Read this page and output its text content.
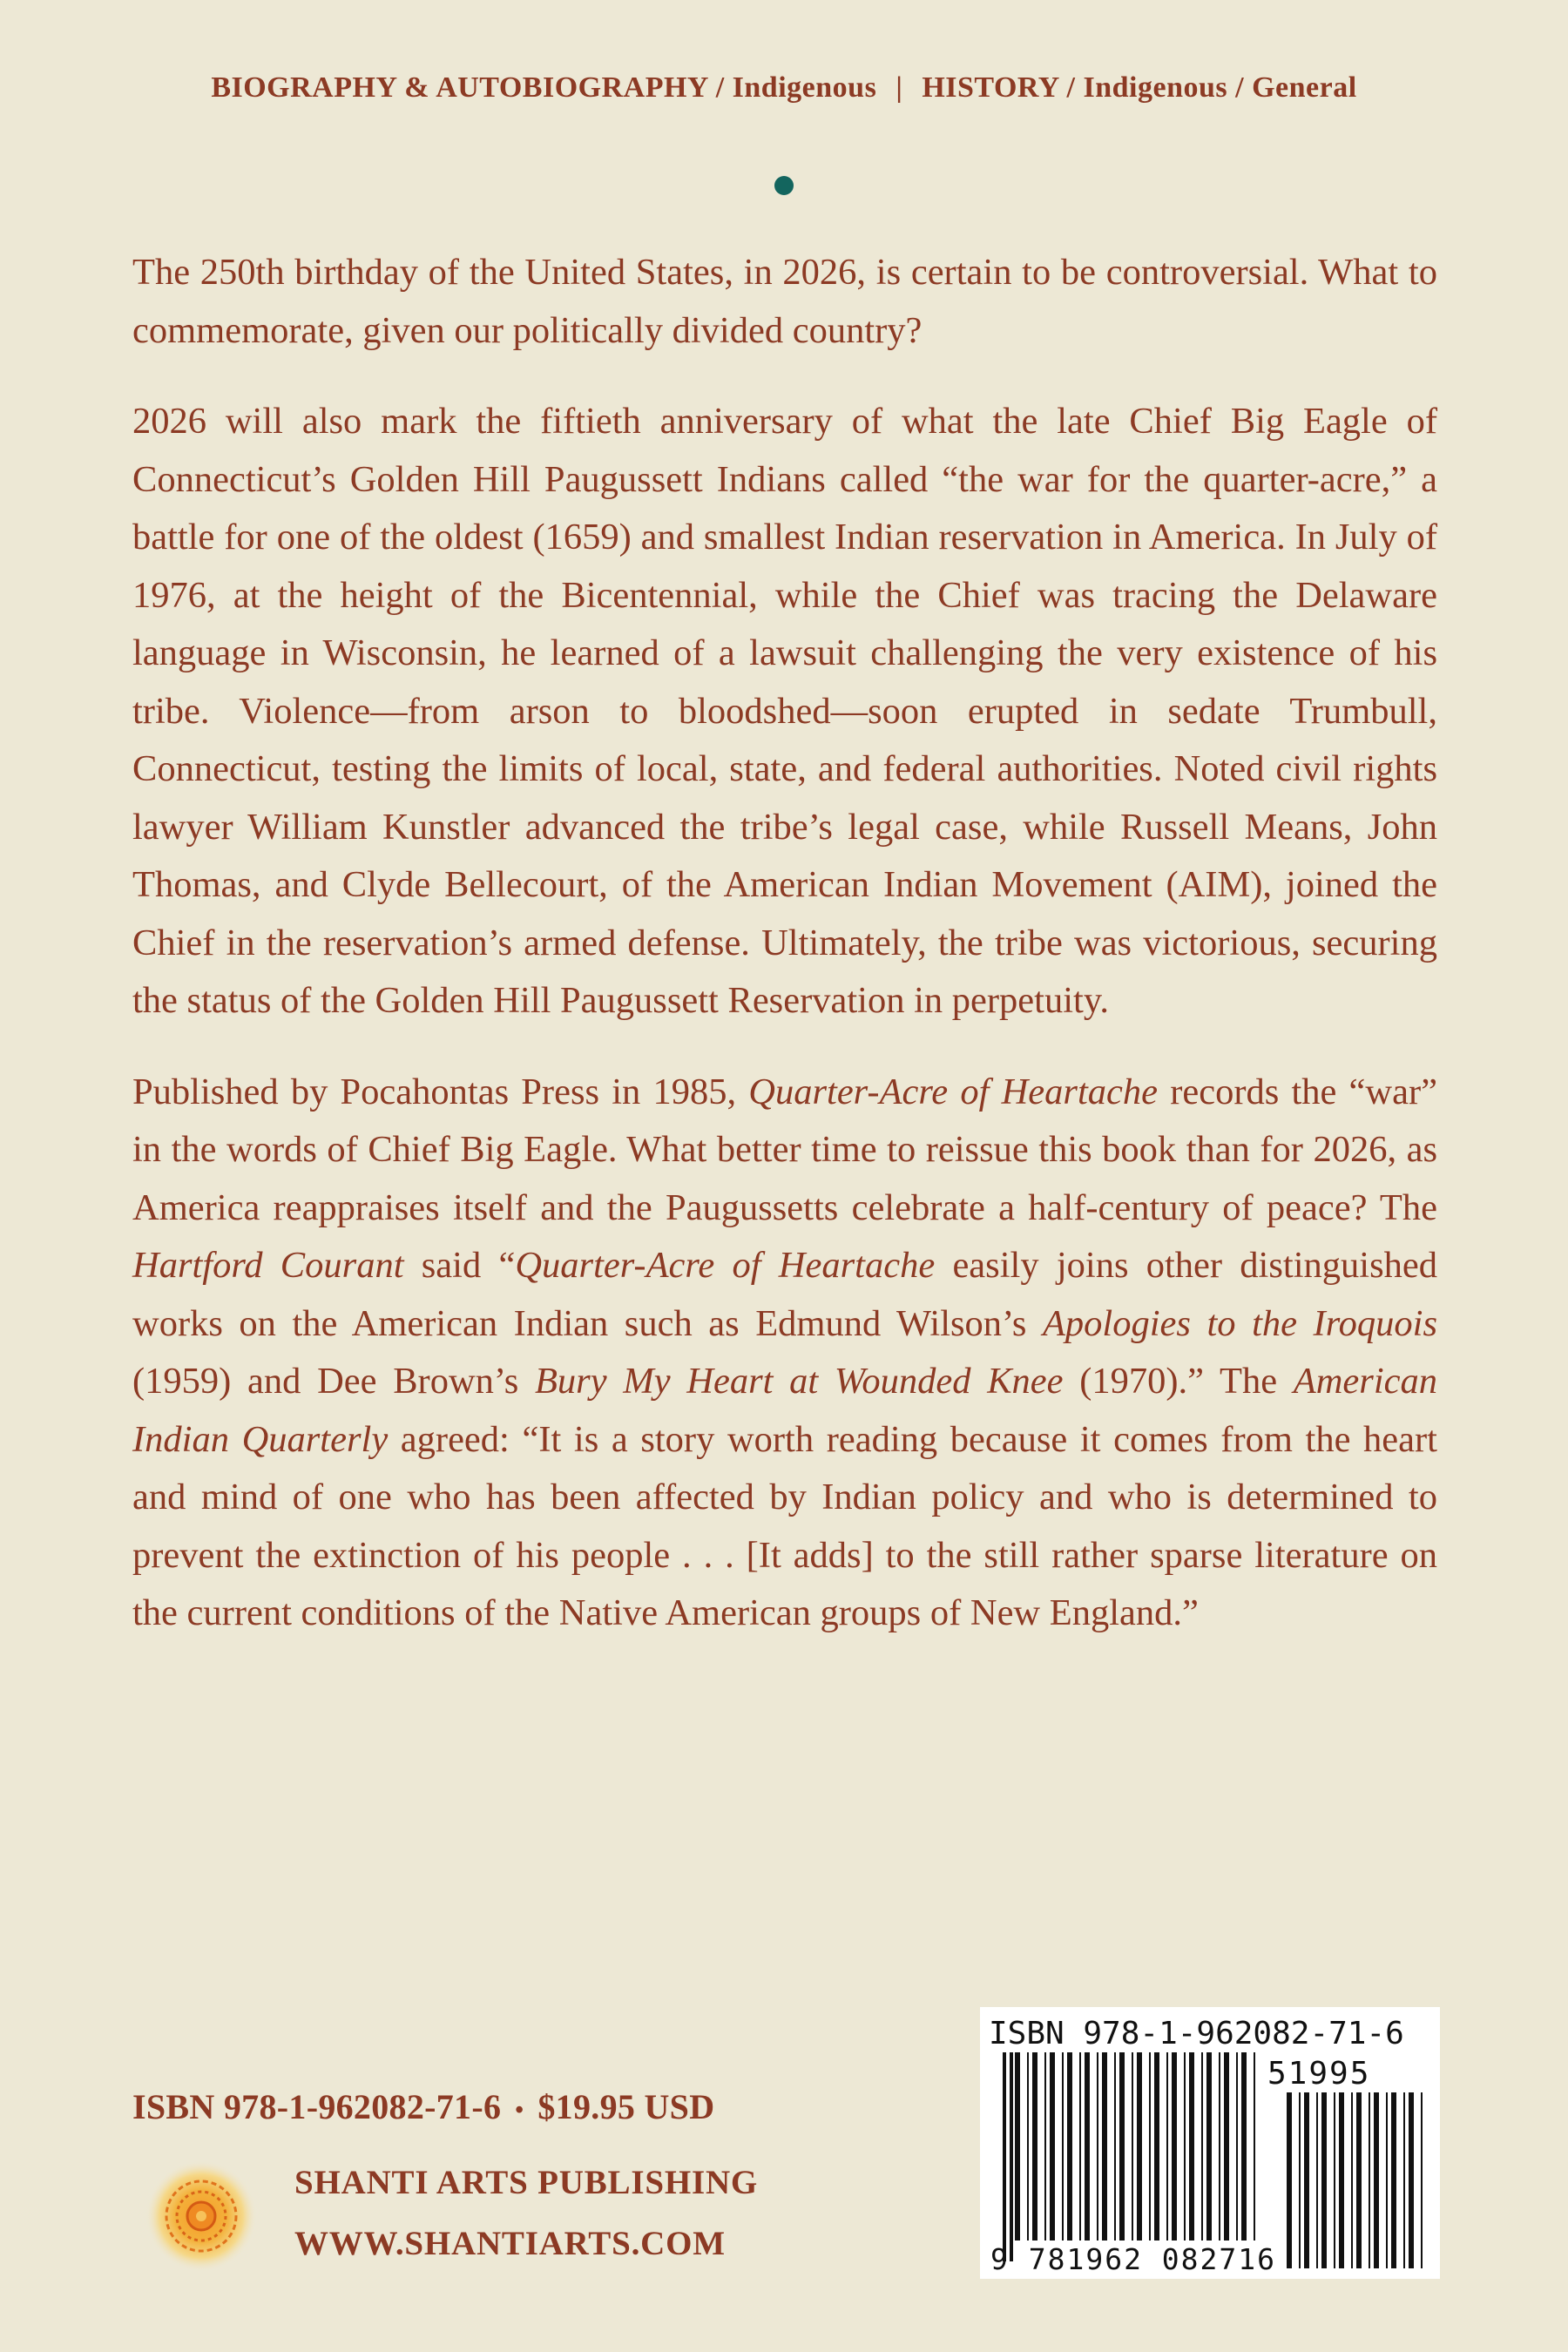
BIOGRAPHY & AUTOBIOGRAPHY / Indigenous | HISTORY / Indigenous / General

The 250th birthday of the United States, in 2026, is certain to be controversial. What to commemorate, given our politically divided country?

2026 will also mark the fiftieth anniversary of what the late Chief Big Eagle of Connecticut’s Golden Hill Paugussett Indians called “the war for the quarter-acre,” a battle for one of the oldest (1659) and smallest Indian reservation in America. In July of 1976, at the height of the Bicentennial, while the Chief was tracing the Delaware language in Wisconsin, he learned of a lawsuit challenging the very existence of his tribe. Violence—from arson to bloodshed—soon erupted in sedate Trumbull, Connecticut, testing the limits of local, state, and federal authorities. Noted civil rights lawyer William Kunstler advanced the tribe’s legal case, while Russell Means, John Thomas, and Clyde Bellecourt, of the American Indian Movement (AIM), joined the Chief in the reservation’s armed defense. Ultimately, the tribe was victorious, securing the status of the Golden Hill Paugussett Reservation in perpetuity.

Published by Pocahontas Press in 1985, Quarter-Acre of Heartache records the “war” in the words of Chief Big Eagle. What better time to reissue this book than for 2026, as America reappraises itself and the Paugussetts celebrate a half-century of peace? The Hartford Courant said “Quarter-Acre of Heartache easily joins other distinguished works on the American Indian such as Edmund Wilson’s Apologies to the Iroquois (1959) and Dee Brown’s Bury My Heart at Wounded Knee (1970).” The American Indian Quarterly agreed: “It is a story worth reading because it comes from the heart and mind of one who has been affected by Indian policy and who is determined to prevent the extinction of his people . . . [It adds] to the still rather sparse literature on the current conditions of the Native American groups of New England.”

ISBN 978-1-962082-71-6 • $19.95 USD
SHANTI ARTS PUBLISHING
WWW.SHANTIARTS.COM
ISBN 978-1-962082-71-6
51995
9 781962 082716
